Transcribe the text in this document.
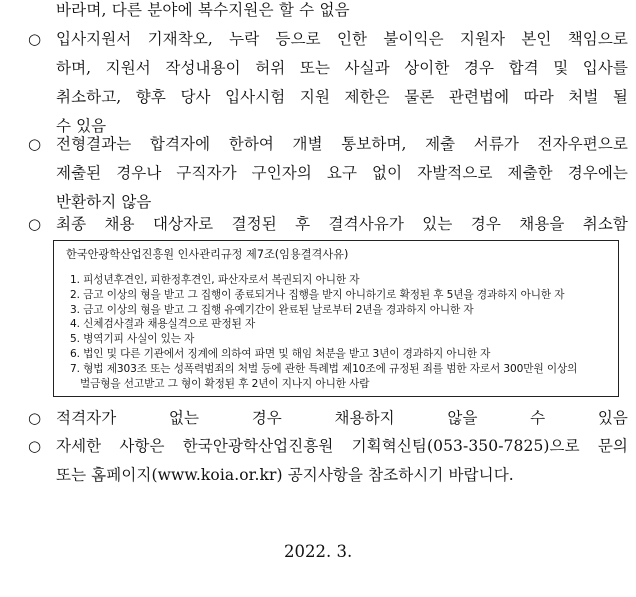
바라며, 다른 분야에 복수지원은 할 수 없음
○ 입사지원서 기재착오, 누락 등으로 인한 불이익은 지원자 본인 책임으로
하며, 지원서 작성내용이 허위 또는 사실과 상이한 경우 합격 및 입사를
취소하고, 향후 당사 입사시험 지원 제한은 물론 관련법에 따라 처벌 될
수 있음
○ 전형결과는 합격자에 한하여 개별 통보하며, 제출 서류가 전자우편으로
제출된 경우나 구직자가 구인자의 요구 없이 자발적으로 제출한 경우에는
반환하지 않음
○ 최종 채용 대상자로 결정된 후 결격사유가 있는 경우 채용을 취소함
한국안광학산업진흥원 인사관리규정 제7조(임용결격사유)
1. 피성년후견인, 피한정후견인, 파산자로서 복권되지 아니한 자
2. 금고 이상의 형을 받고 그 집행이 종료되거나 집행을 받지 아니하기로 확정된 후 5년을 경과하지 아니한 자
3. 금고 이상의 형을 받고 그 집행 유예기간이 완료된 날로부터 2년을 경과하지 아니한 자
4. 신체검사결과 채용실격으로 판정된 자
5. 병역기피 사실이 있는 자
6. 법인 및 다른 기관에서 징계에 의하여 파면 및 해임 처분을 받고 3년이 경과하지 아니한 자
7. 형법 제303조 또는 성폭력범죄의 처벌 등에 관한 특례법 제10조에 규정된 죄를 범한 자로서 300만원 이상의
벌금형을 선고받고 그 형이 확정된 후 2년이 지나지 아니한 사람
○ 적격자가 없는 경우 채용하지 않을 수 있음
○ 자세한 사항은 한국안광학산업진흥원 기획혁신팀(053-350-7825)으로 문의
또는 홈페이지(www.koia.or.kr) 공지사항을 참조하시기 바랍니다.
2022. 3.
